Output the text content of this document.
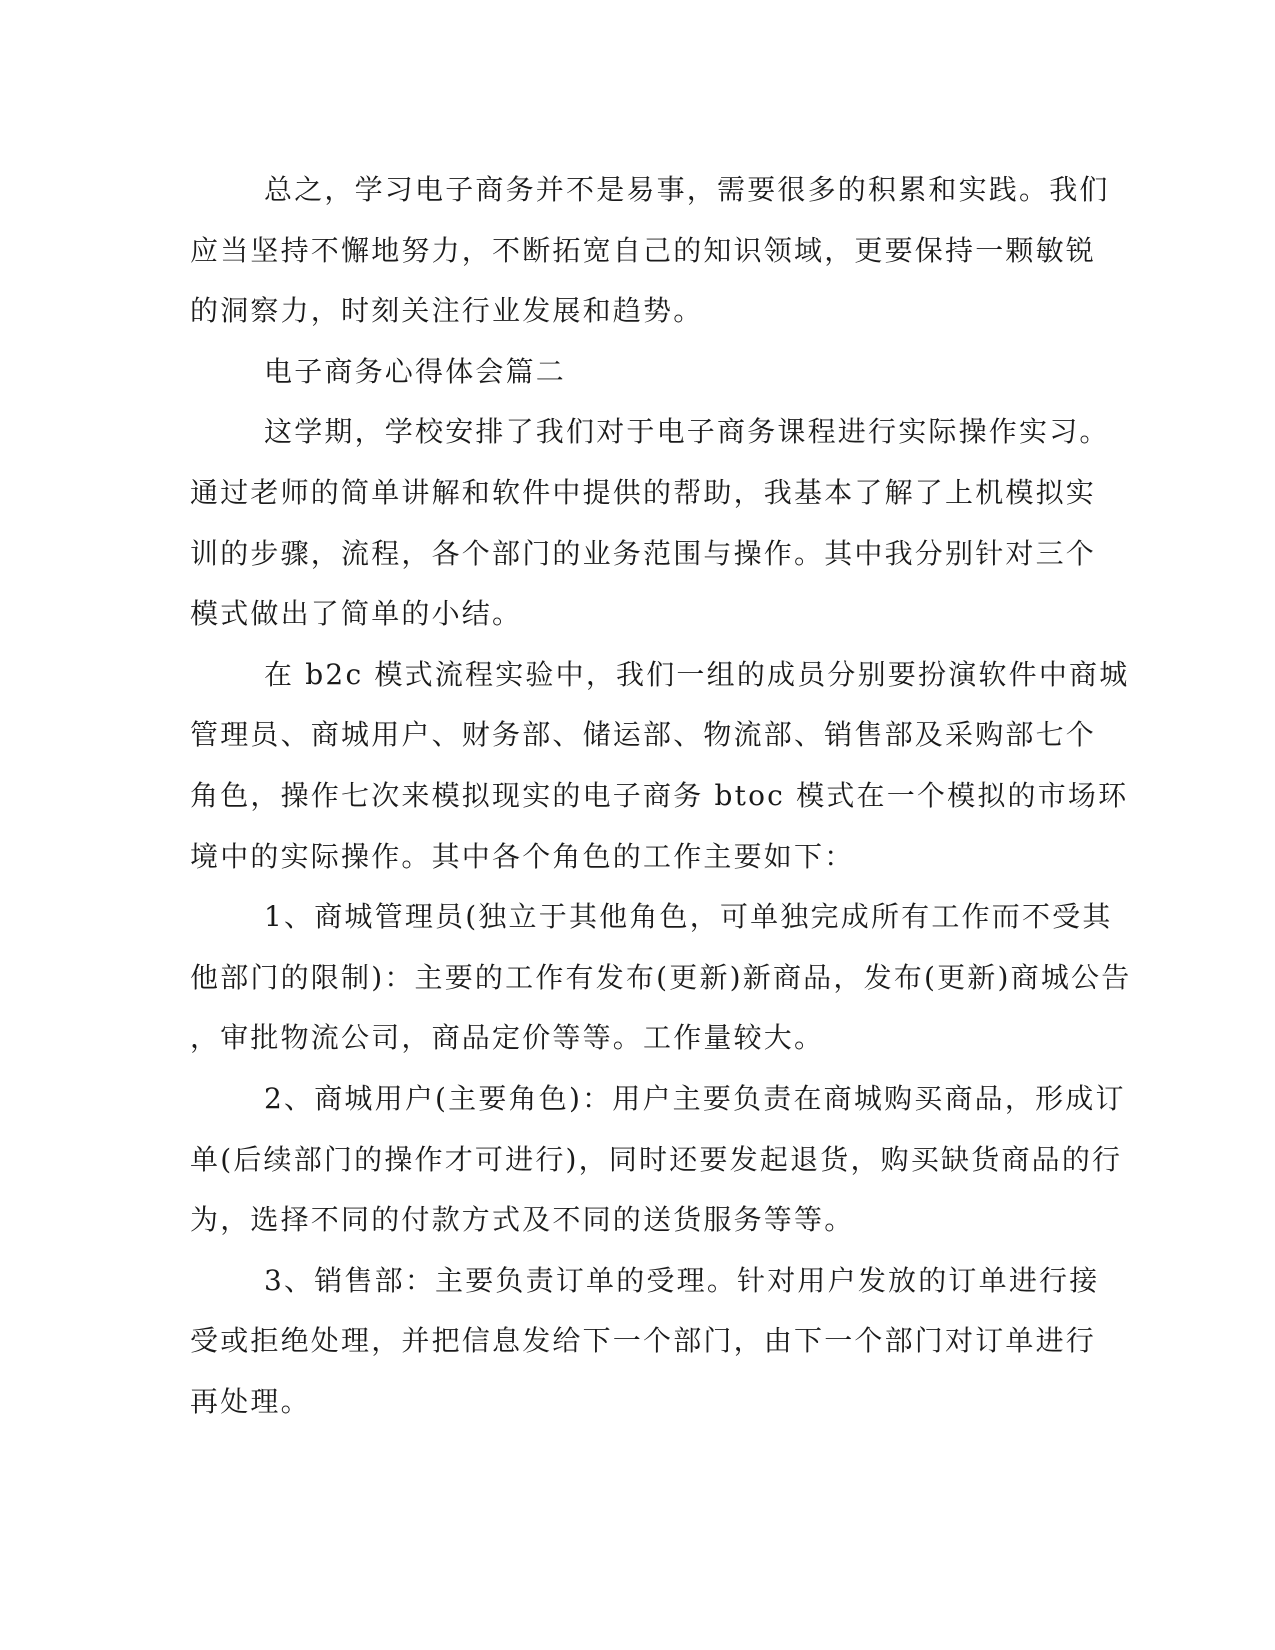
总之，学习电子商务并不是易事，需要很多的积累和实践。我们
应当坚持不懈地努力，不断拓宽自己的知识领域，更要保持一颗敏锐
的洞察力，时刻关注行业发展和趋势。
电子商务心得体会篇二
这学期，学校安排了我们对于电子商务课程进行实际操作实习。
通过老师的简单讲解和软件中提供的帮助，我基本了解了上机模拟实
训的步骤，流程，各个部门的业务范围与操作。其中我分别针对三个
模式做出了简单的小结。
在 b2c 模式流程实验中，我们一组的成员分别要扮演软件中商城
管理员、商城用户、财务部、储运部、物流部、销售部及采购部七个
角色，操作七次来模拟现实的电子商务 btoc 模式在一个模拟的市场环
境中的实际操作。其中各个角色的工作主要如下：
1、商城管理员(独立于其他角色，可单独完成所有工作而不受其
他部门的限制)：主要的工作有发布(更新)新商品，发布(更新)商城公告
，审批物流公司，商品定价等等。工作量较大。
2、商城用户(主要角色)：用户主要负责在商城购买商品，形成订
单(后续部门的操作才可进行)，同时还要发起退货，购买缺货商品的行
为，选择不同的付款方式及不同的送货服务等等。
3、销售部：主要负责订单的受理。针对用户发放的订单进行接
受或拒绝处理，并把信息发给下一个部门，由下一个部门对订单进行
再处理。
